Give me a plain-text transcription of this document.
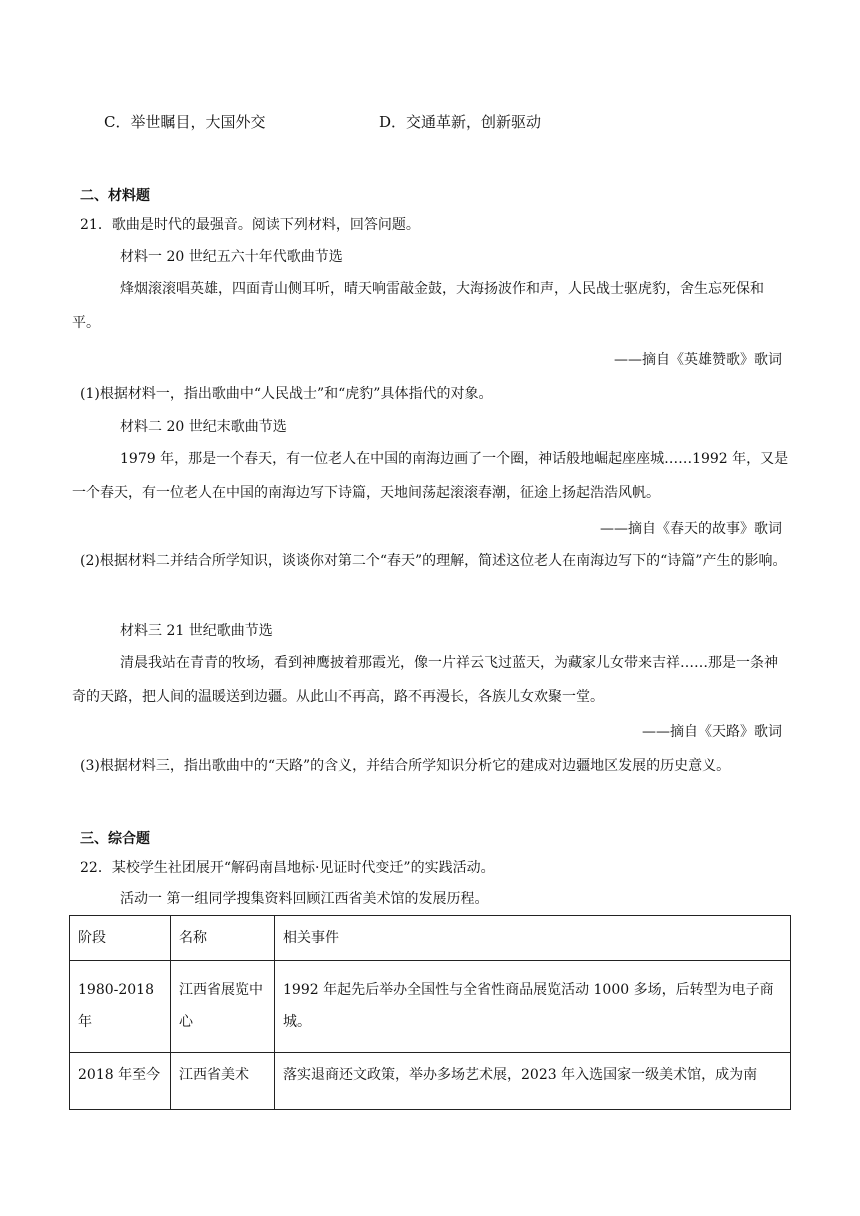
C．举世瞩目，大国外交	D．交通革新，创新驱动
二、材料题
21．歌曲是时代的最强音。阅读下列材料，回答问题。
材料一 20 世纪五六十年代歌曲节选
烽烟滚滚唱英雄，四面青山侧耳听，晴天响雷敲金鼓，大海扬波作和声，人民战士驱虎豹，舍生忘死保和平。
——摘自《英雄赞歌》歌词
(1)根据材料一，指出歌曲中“人民战士”和“虎豹”具体指代的对象。
材料二 20 世纪末歌曲节选
1979 年，那是一个春天，有一位老人在中国的南海边画了一个圈，神话般地崛起座座城……1992 年，又是一个春天，有一位老人在中国的南海边写下诗篇，天地间荡起滚滚春潮，征途上扬起浩浩风帆。
——摘自《春天的故事》歌词
(2)根据材料二并结合所学知识，谈谈你对第二个“春天”的理解，简述这位老人在南海边写下的“诗篇”产生的影响。
材料三 21 世纪歌曲节选
清晨我站在青青的牧场，看到神鹰披着那霞光，像一片祥云飞过蓝天，为藏家儿女带来吉祥……那是一条神奇的天路，把人间的温暖送到边疆。从此山不再高，路不再漫长，各族儿女欢聚一堂。
——摘自《天路》歌词
(3)根据材料三，指出歌曲中的“天路”的含义，并结合所学知识分析它的建成对边疆地区发展的历史意义。
三、综合题
22．某校学生社团展开“解码南昌地标·见证时代变迁”的实践活动。
活动一 第一组同学搜集资料回顾江西省美术馆的发展历程。
阶段	名称	相关事件
1980-2018 年	江西省展览中心	1992 年起先后举办全国性与全省性商品展览活动 1000 多场，后转型为电子商城。
2018 年至今	江西省美术	落实退商还文政策，举办多场艺术展，2023 年入选国家一级美术馆，成为南
